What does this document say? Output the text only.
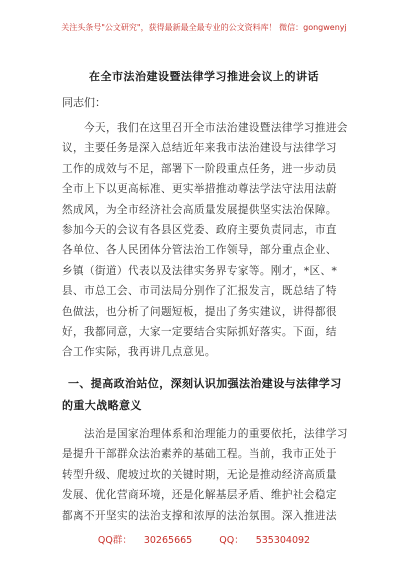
关注头条号"公文研究"，获得最新最全最专业的公文资料库！ 微信：gongwenyj
在全市法治建设暨法律学习推进会议上的讲话
同志们：
今天，我们在这里召开全市法治建设暨法律学习推进会
议，主要任务是深入总结近年来我市法治建设与法律学习
工作的成效与不足，部署下一阶段重点任务，进一步动员
全市上下以更高标准、更实举措推动尊法学法守法用法蔚
然成风，为全市经济社会高质量发展提供坚实法治保障。
参加今天的会议有各县区党委、政府主要负责同志，市直
各单位、各人民团体分管法治工作领导，部分重点企业、
乡镇（街道）代表以及法律实务界专家等。刚才，*区、*
县、市总工会、市司法局分别作了汇报发言，既总结了特
色做法，也分析了问题短板，提出了务实建议，讲得都很
好，我都同意，大家一定要结合实际抓好落实。下面，结
合工作实际，我再讲几点意见。
一、提高政治站位，深刻认识加强法治建设与法律学习
的重大战略意义
法治是国家治理体系和治理能力的重要依托，法律学习
是提升干部群众法治素养的基础工程。当前，我市正处于
转型升级、爬坡过坎的关键时期，无论是推动经济高质量
发展、优化营商环境，还是化解基层矛盾、维护社会稳定
都离不开坚实的法治支撑和浓厚的法治氛围。深入推进法
QQ群： 30265665	QQ： 535304092
